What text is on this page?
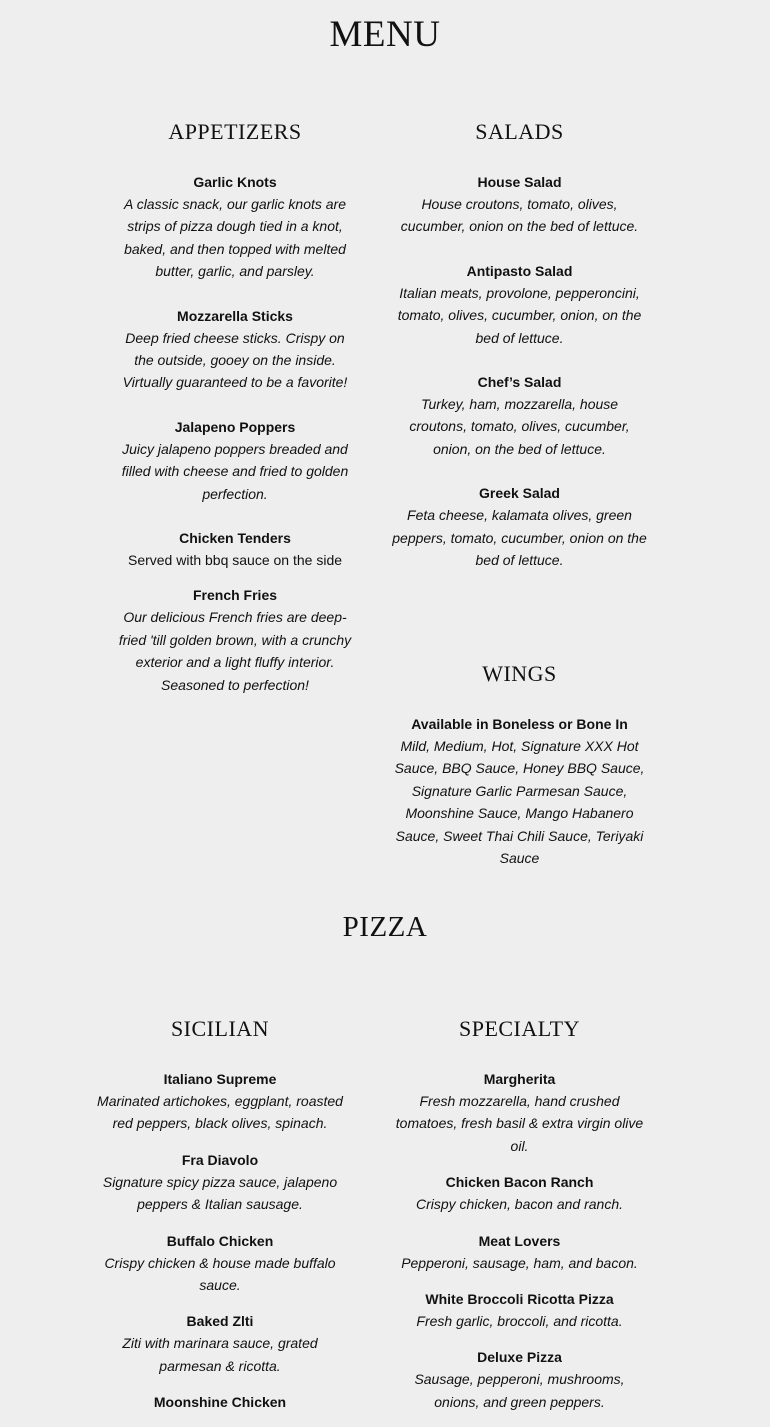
MENU
APPETIZERS
Garlic Knots
A classic snack, our garlic knots are strips of pizza dough tied in a knot, baked, and then topped with melted butter, garlic, and parsley.
Mozzarella Sticks
Deep fried cheese sticks. Crispy on the outside, gooey on the inside. Virtually guaranteed to be a favorite!
Jalapeno Poppers
Juicy jalapeno poppers breaded and filled with cheese and fried to golden perfection.
Chicken Tenders
Served with bbq sauce on the side
French Fries
Our delicious French fries are deep-fried 'till golden brown, with a crunchy exterior and a light fluffy interior. Seasoned to perfection!
SALADS
House Salad
House croutons, tomato, olives, cucumber, onion on the bed of lettuce.
Antipasto Salad
Italian meats, provolone, pepperoncini, tomato, olives, cucumber, onion, on the bed of lettuce.
Chef’s Salad
Turkey, ham, mozzarella, house croutons, tomato, olives, cucumber, onion, on the bed of lettuce.
Greek Salad
Feta cheese, kalamata olives, green peppers, tomato, cucumber, onion on the bed of lettuce.
WINGS
Available in Boneless or Bone In
Mild, Medium, Hot, Signature XXX Hot Sauce, BBQ Sauce, Honey BBQ Sauce, Signature Garlic Parmesan Sauce, Moonshine Sauce, Mango Habanero Sauce, Sweet Thai Chili Sauce, Teriyaki Sauce
PIZZA
SICILIAN
Italiano Supreme
Marinated artichokes, eggplant, roasted red peppers, black olives, spinach.
Fra Diavolo
Signature spicy pizza sauce, jalapeno peppers & Italian sausage.
Buffalo Chicken
Crispy chicken & house made buffalo sauce.
Baked Zlti
Ziti with marinara sauce, grated parmesan & ricotta.
Moonshine Chicken
SPECIALTY
Margherita
Fresh mozzarella, hand crushed tomatoes, fresh basil & extra virgin olive oil.
Chicken Bacon Ranch
Crispy chicken, bacon and ranch.
Meat Lovers
Pepperoni, sausage, ham, and bacon.
White Broccoli Ricotta Pizza
Fresh garlic, broccoli, and ricotta.
Deluxe Pizza
Sausage, pepperoni, mushrooms, onions, and green peppers.
